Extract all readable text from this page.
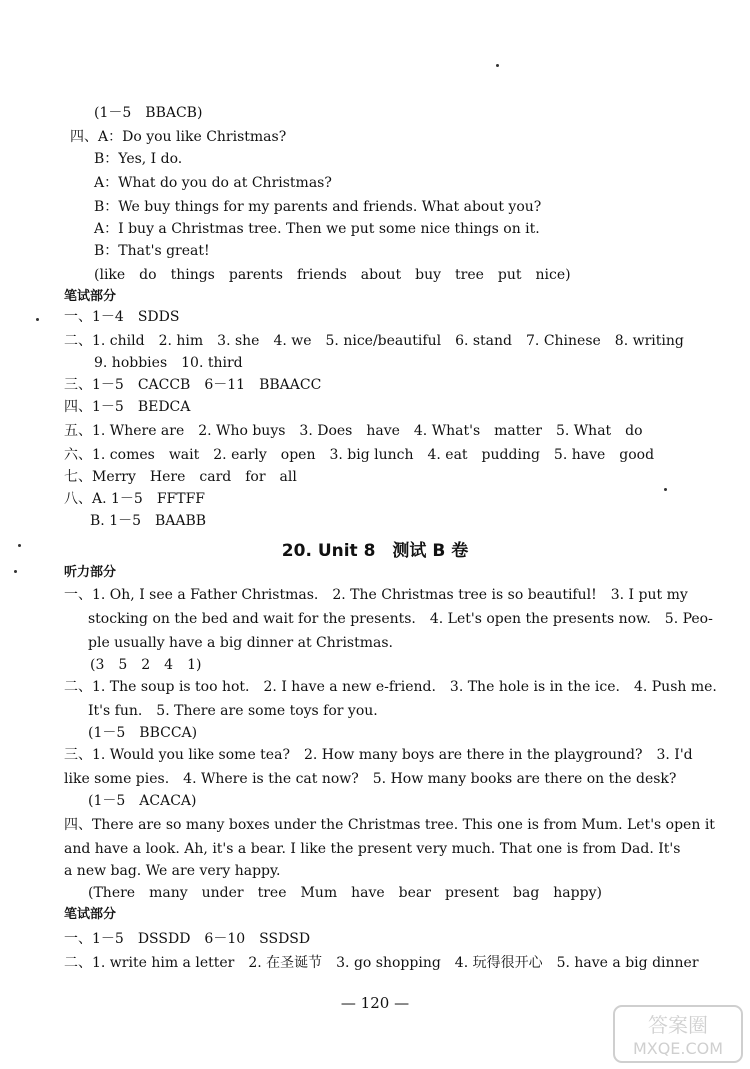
(1－5　BBACB)
四、A：Do you like Christmas?
B：Yes, I do.
A：What do you do at Christmas?
B：We buy things for my parents and friends. What about you?
A：I buy a Christmas tree. Then we put some nice things on it.
B：That's great!
(like　do　things　parents　friends　about　buy　tree　put　nice)
笔试部分
一、1－4　SDDS
二、1. child　2. him　3. she　4. we　5. nice/beautiful　6. stand　7. Chinese　8. writing
9. hobbies　10. third
三、1－5　CACCB　6－11　BBAACC
四、1－5　BEDCA
五、1. Where are　2. Who buys　3. Does　have　4. What's　matter　5. What　do
六、1. comes　wait　2. early　open　3. big lunch　4. eat　pudding　5. have　good
七、Merry　Here　card　for　all
八、A. 1－5　FFTFF
B. 1－5　BAABB
20. Unit 8　测试 B 卷
听力部分
一、1. Oh, I see a Father Christmas.　2. The Christmas tree is so beautiful!　3. I put my
stocking on the bed and wait for the presents.　4. Let's open the presents now.　5. Peo-
ple usually have a big dinner at Christmas.
(3　5　2　4　1)
二、1. The soup is too hot.　2. I have a new e-friend.　3. The hole is in the ice.　4. Push me.
It's fun.　5. There are some toys for you.
(1－5　BBCCA)
三、1. Would you like some tea?　2. How many boys are there in the playground?　3. I'd
like some pies.　4. Where is the cat now?　5. How many books are there on the desk?
(1－5　ACACA)
四、There are so many boxes under the Christmas tree. This one is from Mum. Let's open it
and have a look. Ah, it's a bear. I like the present very much. That one is from Dad. It's
a new bag. We are very happy.
(There　many　under　tree　Mum　have　bear　present　bag　happy)
笔试部分
一、1－5　DSSDD　6－10　SSDSD
二、1. write him a letter　2. 在圣诞节　3. go shopping　4. 玩得很开心　5. have a big dinner
— 120 —
答案圈
MXQE.COM
